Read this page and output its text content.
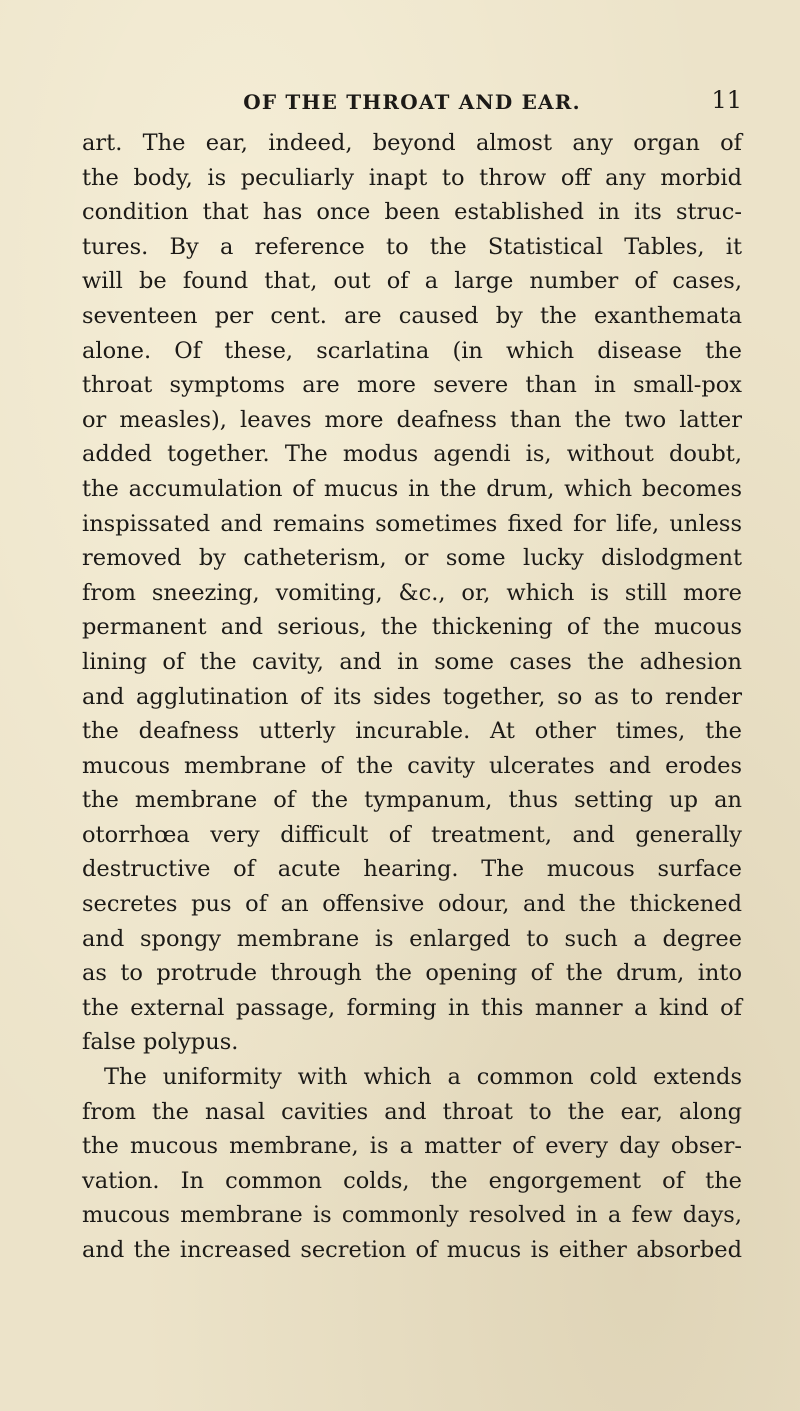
OF THE THROAT AND EAR.	11
art. The ear, indeed, beyond almost any organ of
the body, is peculiarly inapt to throw off any morbid
condition that has once been established in its struc-
tures. By a reference to the Statistical Tables, it
will be found that, out of a large number of cases,
seventeen per cent. are caused by the exanthemata
alone. Of these, scarlatina (in which disease the
throat symptoms are more severe than in small-pox
or measles), leaves more deafness than the two latter
added together. The modus agendi is, without doubt,
the accumulation of mucus in the drum, which becomes
inspissated and remains sometimes fixed for life, unless
removed by catheterism, or some lucky dislodgment
from sneezing, vomiting, &c., or, which is still more
permanent and serious, the thickening of the mucous
lining of the cavity, and in some cases the adhesion
and agglutination of its sides together, so as to render
the deafness utterly incurable. At other times, the
mucous membrane of the cavity ulcerates and erodes
the membrane of the tympanum, thus setting up an
otorrhœa very difficult of treatment, and generally
destructive of acute hearing. The mucous surface
secretes pus of an offensive odour, and the thickened
and spongy membrane is enlarged to such a degree
as to protrude through the opening of the drum, into
the external passage, forming in this manner a kind of
false polypus.
The uniformity with which a common cold extends
from the nasal cavities and throat to the ear, along
the mucous membrane, is a matter of every day obser-
vation. In common colds, the engorgement of the
mucous membrane is commonly resolved in a few days,
and the increased secretion of mucus is either absorbed
